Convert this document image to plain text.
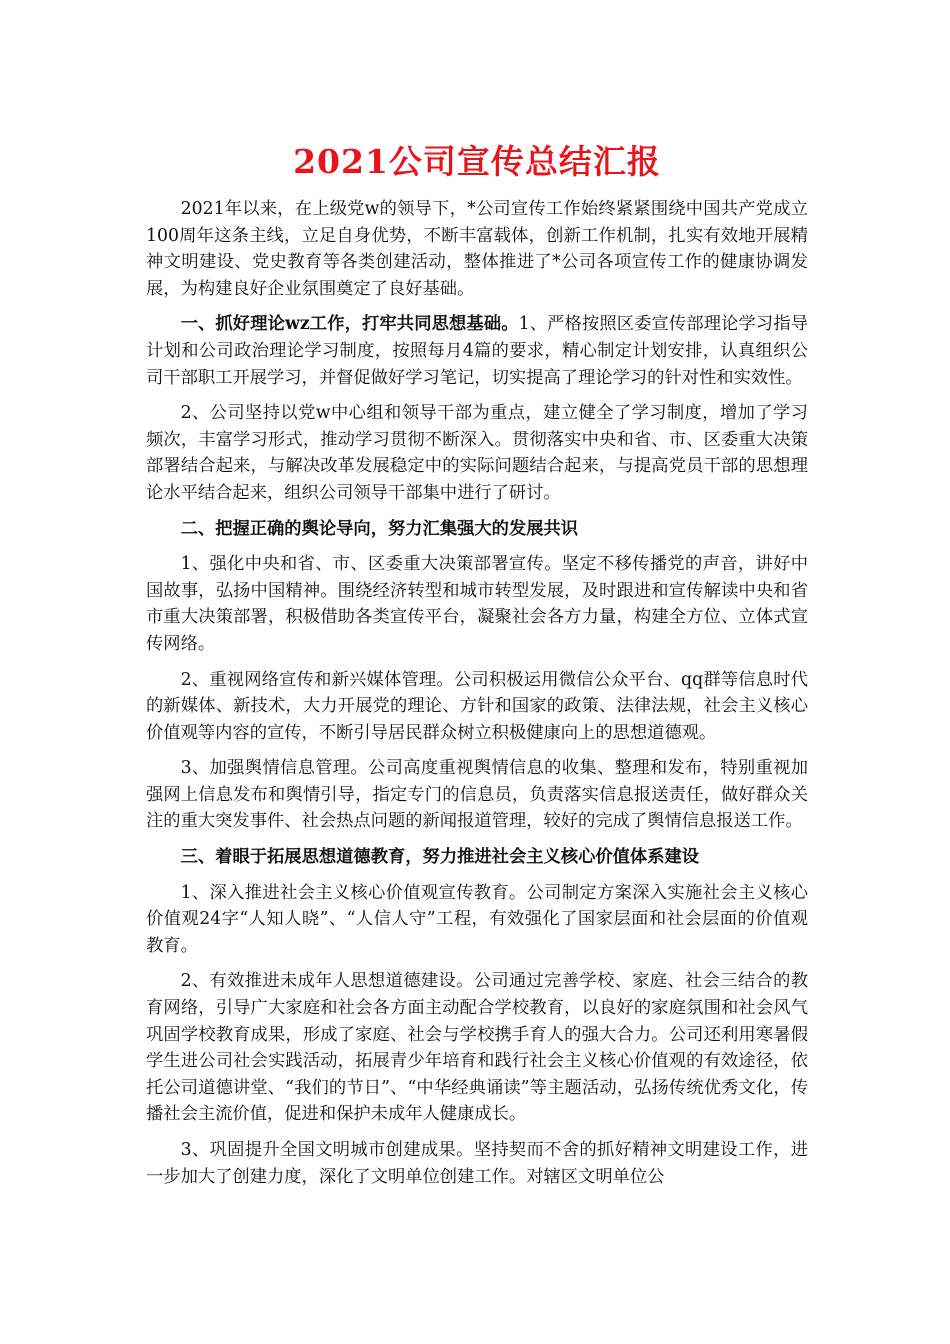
2021公司宣传总结汇报

2021年以来，在上级党w的领导下，*公司宣传工作始终紧紧围绕中国共产党成立100周年这条主线，立足自身优势，不断丰富载体，创新工作机制，扎实有效地开展精神文明建设、党史教育等各类创建活动，整体推进了*公司各项宣传工作的健康协调发展，为构建良好企业氛围奠定了良好基础。

一、抓好理论wz工作，打牢共同思想基础。1、严格按照区委宣传部理论学习指导计划和公司政治理论学习制度，按照每月4篇的要求，精心制定计划安排，认真组织公司干部职工开展学习，并督促做好学习笔记，切实提高了理论学习的针对性和实效性。

2、公司坚持以党w中心组和领导干部为重点，建立健全了学习制度，增加了学习频次，丰富学习形式，推动学习贯彻不断深入。贯彻落实中央和省、市、区委重大决策部署结合起来，与解决改革发展稳定中的实际问题结合起来，与提高党员干部的思想理论水平结合起来，组织公司领导干部集中进行了研讨。

二、把握正确的舆论导向，努力汇集强大的发展共识

1、强化中央和省、市、区委重大决策部署宣传。坚定不移传播党的声音，讲好中国故事，弘扬中国精神。围绕经济转型和城市转型发展，及时跟进和宣传解读中央和省市重大决策部署，积极借助各类宣传平台，凝聚社会各方力量，构建全方位、立体式宣传网络。

2、重视网络宣传和新兴媒体管理。公司积极运用微信公众平台、qq群等信息时代的新媒体、新技术，大力开展党的理论、方针和国家的政策、法律法规，社会主义核心价值观等内容的宣传，不断引导居民群众树立积极健康向上的思想道德观。

3、加强舆情信息管理。公司高度重视舆情信息的收集、整理和发布，特别重视加强网上信息发布和舆情引导，指定专门的信息员，负责落实信息报送责任，做好群众关注的重大突发事件、社会热点问题的新闻报道管理，较好的完成了舆情信息报送工作。

三、着眼于拓展思想道德教育，努力推进社会主义核心价值体系建设

1、深入推进社会主义核心价值观宣传教育。公司制定方案深入实施社会主义核心价值观24字“人知人晓”、“人信人守”工程，有效强化了国家层面和社会层面的价值观教育。

2、有效推进未成年人思想道德建设。公司通过完善学校、家庭、社会三结合的教育网络，引导广大家庭和社会各方面主动配合学校教育，以良好的家庭氛围和社会风气巩固学校教育成果，形成了家庭、社会与学校携手育人的强大合力。公司还利用寒暑假学生进公司社会实践活动，拓展青少年培育和践行社会主义核心价值观的有效途径，依托公司道德讲堂、“我们的节日”、“中华经典诵读”等主题活动，弘扬传统优秀文化，传播社会主流价值，促进和保护未成年人健康成长。

3、巩固提升全国文明城市创建成果。坚持契而不舍的抓好精神文明建设工作，进一步加大了创建力度，深化了文明单位创建工作。对辖区文明单位公
